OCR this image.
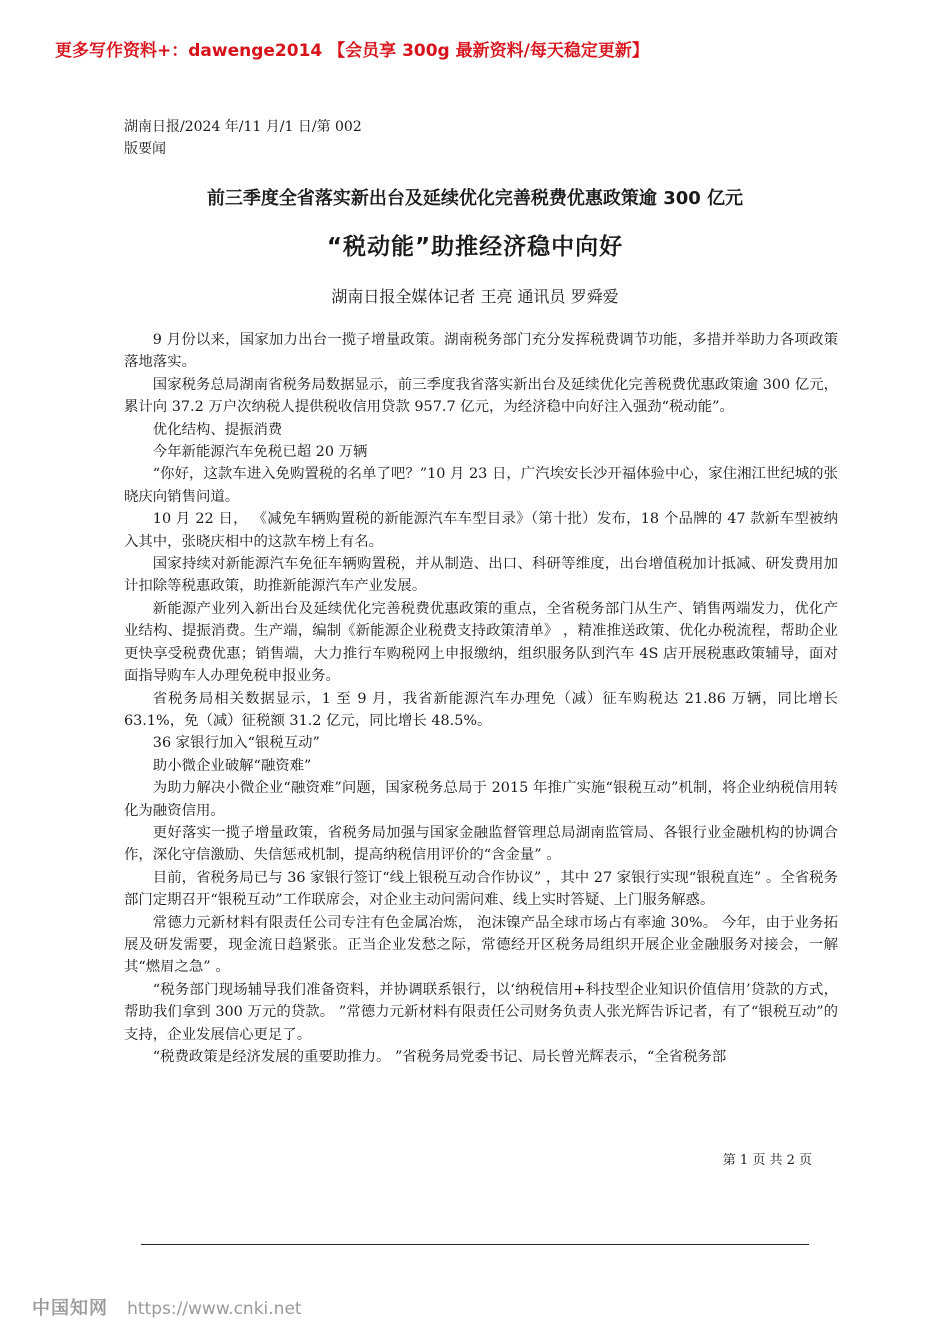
更多写作资料+：dawenge2014 【会员享 300g 最新资料/每天稳定更新】
湖南日报/2024 年/11 月/1 日/第 002
版要闻
前三季度全省落实新出台及延续优化完善税费优惠政策逾 300 亿元
“税动能”助推经济稳中向好
湖南日报全媒体记者 王亮 通讯员 罗舜爱

9 月份以来，国家加力出台一揽子增量政策。湖南税务部门充分发挥税费调节功能，多措并举助力各项政策落地落实。

国家税务总局湖南省税务局数据显示，前三季度我省落实新出台及延续优化完善税费优惠政策逾 300 亿元，累计向 37.2 万户次纳税人提供税收信用贷款 957.7 亿元，为经济稳中向好注入强劲“税动能”。

优化结构、提振消费

今年新能源汽车免税已超 20 万辆

“你好，这款车进入免购置税的名单了吧？”10 月 23 日，广汽埃安长沙开福体验中心，家住湘江世纪城的张晓庆向销售问道。

10 月 22 日， 《减免车辆购置税的新能源汽车车型目录》（第十批）发布，18 个品牌的 47 款新车型被纳入其中，张晓庆相中的这款车榜上有名。

国家持续对新能源汽车免征车辆购置税，并从制造、出口、科研等维度，出台增值税加计抵减、研发费用加计扣除等税惠政策，助推新能源汽车产业发展。

新能源产业列入新出台及延续优化完善税费优惠政策的重点，全省税务部门从生产、销售两端发力，优化产业结构、提振消费。生产端，编制《新能源企业税费支持政策清单》 ，精准推送政策、优化办税流程，帮助企业更快享受税费优惠；销售端，大力推行车购税网上申报缴纳，组织服务队到汽车 4S 店开展税惠政策辅导，面对面指导购车人办理免税申报业务。

省税务局相关数据显示，1 至 9 月，我省新能源汽车办理免（减）征车购税达 21.86 万辆，同比增长 63.1%，免（减）征税额 31.2 亿元，同比增长 48.5%。

36 家银行加入“银税互动”

助小微企业破解“融资难”

为助力解决小微企业“融资难”问题，国家税务总局于 2015 年推广实施“银税互动”机制，将企业纳税信用转化为融资信用。

更好落实一揽子增量政策，省税务局加强与国家金融监督管理总局湖南监管局、各银行业金融机构的协调合作，深化守信激励、失信惩戒机制，提高纳税信用评价的“含金量” 。

目前，省税务局已与 36 家银行签订“线上银税互动合作协议” ，其中 27 家银行实现“银税直连” 。全省税务部门定期召开“银税互动”工作联席会，对企业主动问需问难、线上实时答疑、上门服务解惑。

常德力元新材料有限责任公司专注有色金属冶炼， 泡沫镍产品全球市场占有率逾 30%。 今年，由于业务拓展及研发需要，现金流日趋紧张。正当企业发愁之际，常德经开区税务局组织开展企业金融服务对接会，一解其“燃眉之急” 。

“税务部门现场辅导我们准备资料，并协调联系银行，以‘纳税信用+科技型企业知识价值信用’贷款的方式，帮助我们拿到 300 万元的贷款。 ”常德力元新材料有限责任公司财务负责人张光辉告诉记者，有了“银税互动”的支持，企业发展信心更足了。

“税费政策是经济发展的重要助推力。 ”省税务局党委书记、局长曾光辉表示，“全省税务部

第 1 页 共 2 页
中国知网 https://www.cnki.net
